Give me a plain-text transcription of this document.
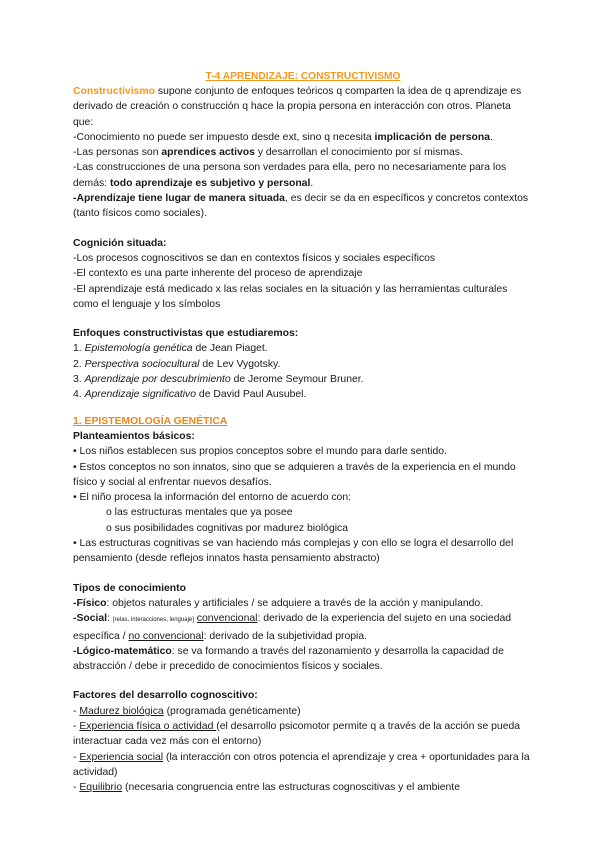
T-4 APRENDIZAJE: CONSTRUCTIVISMO

Constructivismo supone conjunto de enfoques teóricos q comparten la idea de q aprendizaje es derivado de creación o construcción q hace la propia persona en interacción con otros. Planeta que:

-Conocimiento no puede ser impuesto desde ext, sino q necesita implicación de persona.

-Las personas son aprendices activos y desarrollan el conocimiento por sí mismas.

-Las construcciones de una persona son verdades para ella, pero no necesariamente para los demás: todo aprendizaje es subjetivo y personal.

-Aprendizaje tiene lugar de manera situada, es decir se da en específicos y concretos contextos (tanto físicos como sociales).

Cognición situada:

-Los procesos cognoscitivos se dan en contextos físicos y sociales específicos

-El contexto es una parte inherente del proceso de aprendizaje

-El aprendizaje está medicado x las relas sociales en la situación y las herramientas culturales como el lenguaje y los símbolos

Enfoques constructivistas que estudiaremos:

1. Epistemología genética de Jean Piaget.

2. Perspectiva sociocultural de Lev Vygotsky.

3. Aprendizaje por descubrimiento de Jerome Seymour Bruner.

4. Aprendizaje significativo de David Paul Ausubel.

1. EPISTEMOLOGÍA GENÉTICA

Planteamientos básicos:

• Los niños establecen sus propios conceptos sobre el mundo para darle sentido.

• Estos conceptos no son innatos, sino que se adquieren a través de la experiencia en el mundo físico y social al enfrentar nuevos desafíos.

• El niño procesa la información del entorno de acuerdo con:

o las estructuras mentales que ya posee

o sus posibilidades cognitivas por madurez biológica

• Las estructuras cognitivas se van haciendo más complejas y con ello se logra el desarrollo del pensamiento (desde reflejos innatos hasta pensamiento abstracto)

Tipos de conocimiento

-Físico: objetos naturales y artificiales / se adquiere a través de la acción y manipulando.

-Social: [relas, interacciones, lenguaje] convencional: derivado de la experiencia del sujeto en una sociedad específica / no convencional: derivado de la subjetividad propia.

-Lógico-matemático: se va formando a través del razonamiento y desarrolla la capacidad de abstracción / debe ir precedido de conocimientos físicos y sociales.

Factores del desarrollo cognoscitivo:

- Madurez biológica (programada genéticamente)

- Experiencia física o actividad (el desarrollo psicomotor permite q a través de la acción se pueda interactuar cada vez más con el entorno)

- Experiencia social (la interacción con otros potencia el aprendizaje y crea + oportunidades para la actividad)

- Equilibrio (necesaria congruencia entre las estructuras cognoscitivas y el ambiente
